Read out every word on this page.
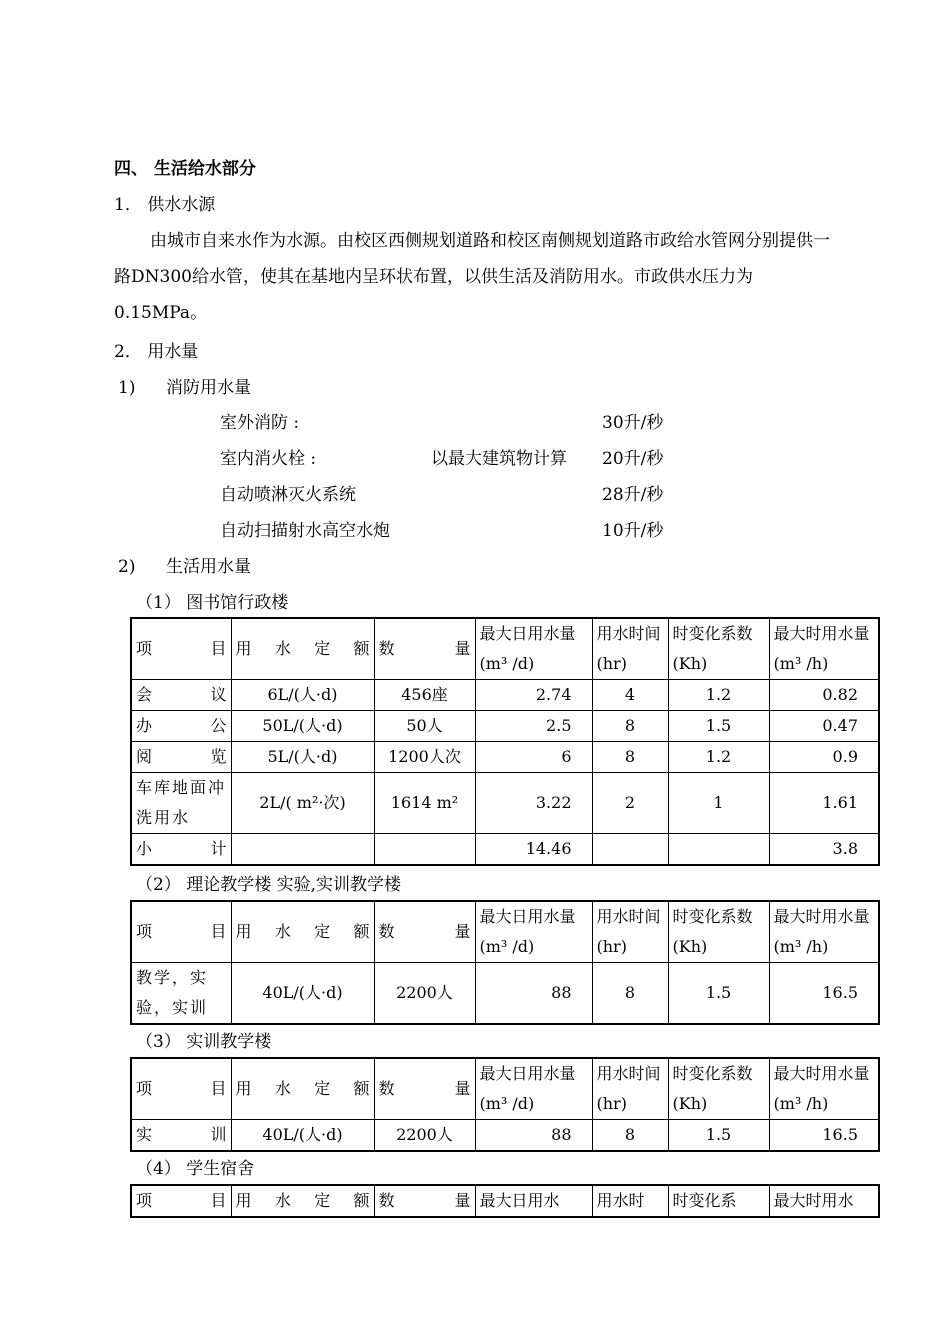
四、 生活给水部分
1． 供水水源
由城市自来水作为水源。由校区西侧规划道路和校区南侧规划道路市政给水管网分别提供一路DN300给水管，使其在基地内呈环状布置，以供生活及消防用水。市政供水压力为0.15MPa。
2． 用水量
1) 消防用水量
室外消防 :	30升/秒
室内消火栓 :	以最大建筑物计算 20升/秒
自动喷淋灭火系统	28升/秒
自动扫描射水高空水炮	10升/秒
2) 生活用水量
（1） 图书馆行政楼
项 目	用 水 定 额	数 量	最大日用水量 (m³ /d)	用水时间(hr)	时变化系数 (Kh)	最大时用水量 (m³ /h)
会 议	6L/(人·d)	456座	2.74	4	1.2	0.82
办 公	50L/(人·d)	50人	2.5	8	1.5	0.47
阅 览	5L/(人·d)	1200人次	6	8	1.2	0.9
车库地面冲洗用水	2L/( m²·次)	1614 m²	3.22	2	1	1.61
小 计			14.46			3.8
（2） 理论教学楼 实验,实训教学楼
项 目	用 水 定 额	数 量	最大日用水量 (m³ /d)	用水时间(hr)	时变化系数 (Kh)	最大时用水量 (m³ /h)
教学，实验，实训	40L/(人·d)	2200人	88	8	1.5	16.5
（3） 实训教学楼
项 目	用 水 定 额	数 量	最大日用水量 (m³ /d)	用水时间(hr)	时变化系数 (Kh)	最大时用水量 (m³ /h)
实 训	40L/(人·d)	2200人	88	8	1.5	16.5
（4） 学生宿舍
项 目	用 水 定 额	数 量	最大日用水	用水时	时变化系	最大时用水
